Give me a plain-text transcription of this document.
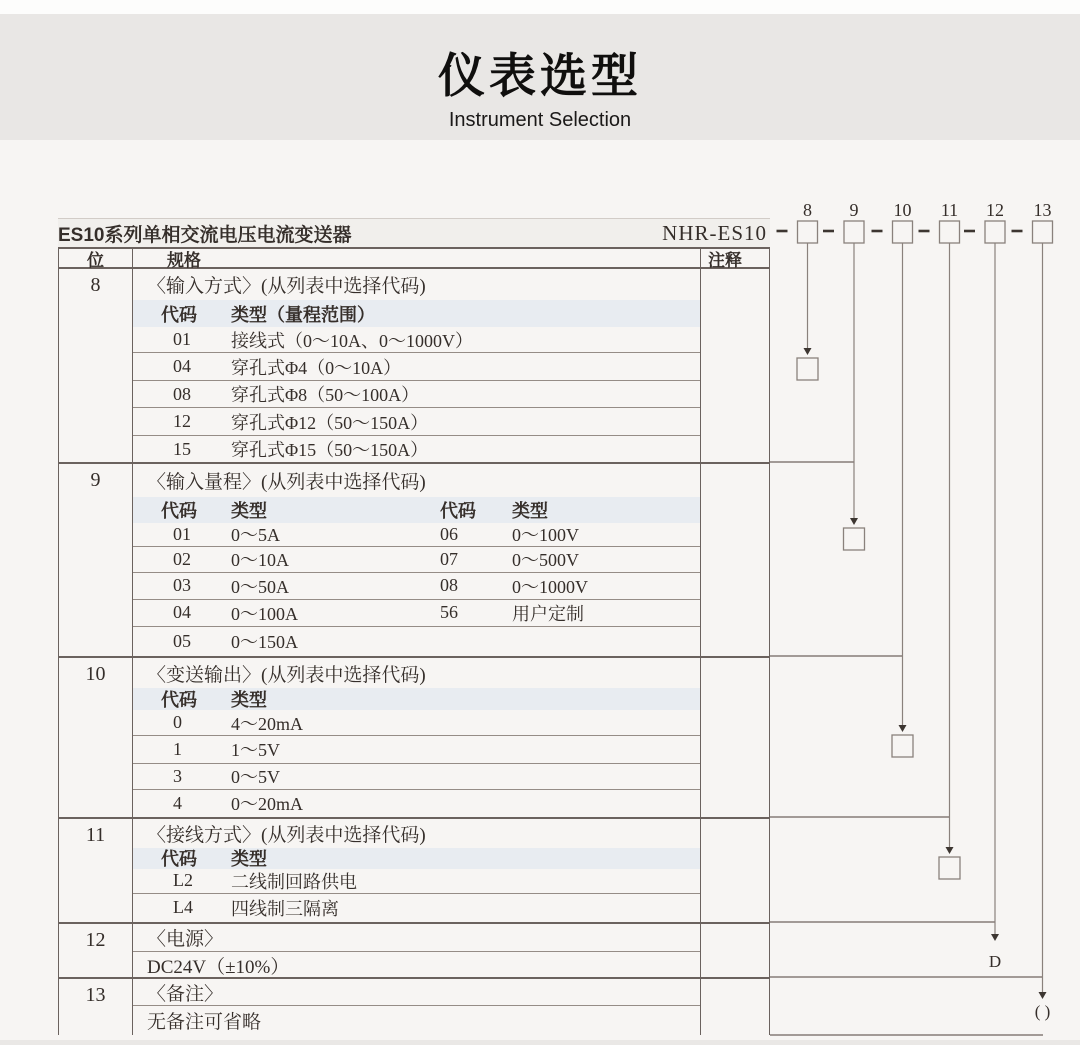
仪表选型
Instrument Selection
ES10系列单相交流电压电流变送器	NHR-ES10
位	规格	注释
8	〈输入方式〉(从列表中选择代码)
代码	类型（量程范围）
01	接线式（0～10A、0～1000V）
04	穿孔式Φ4（0～10A）
08	穿孔式Φ8（50～100A）
12	穿孔式Φ12（50～150A）
15	穿孔式Φ15（50～150A）
9	〈输入量程〉(从列表中选择代码)
代码	类型	代码	类型
01	0～5A	06	0～100V
02	0～10A	07	0～500V
03	0～50A	08	0～1000V
04	0～100A	56	用户定制
05	0～150A
10	〈变送输出〉(从列表中选择代码)
代码	类型
0	4～20mA
1	1～5V
3	0～5V
4	0～20mA
11	〈接线方式〉(从列表中选择代码)
代码	类型
L2	二线制回路供电
L4	四线制三隔离
12	〈电源〉
DC24V（±10%）
13	〈备注〉
无备注可省略
8 9 10 11 12
D
13
( )
